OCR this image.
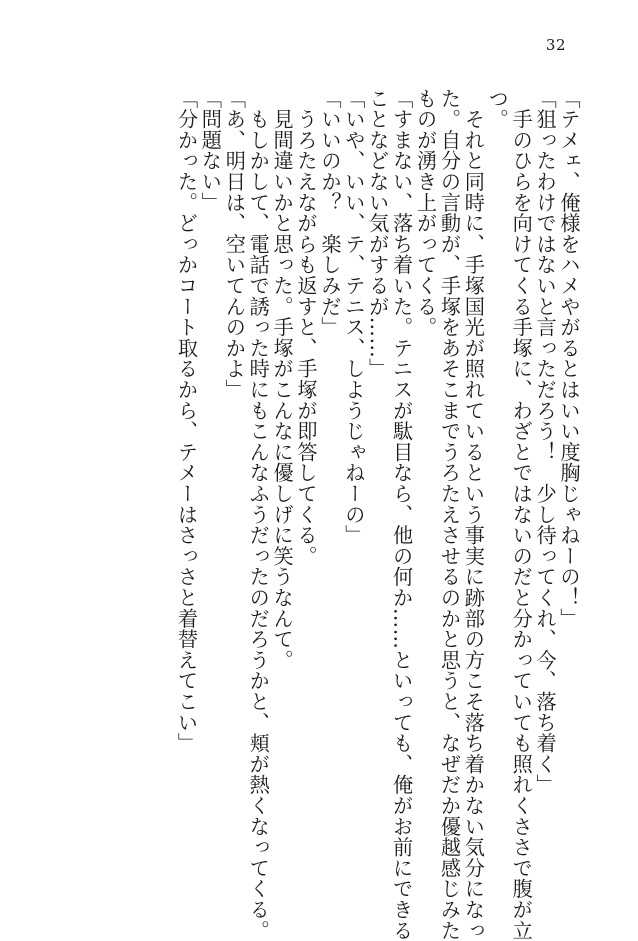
32

「テメェ、俺様をハメやがるとはいい度胸じゃねーの！」

「狙ったわけではないと言っただろう！　少し待ってくれ、今、落ち着く」

　手のひらを向けてくる手塚に、わざとではないのだと分かっていても照れくささで腹が立

つ。

　それと同時に、手塚国光が照れているという事実に跡部の方こそ落ち着かない気分になっ

た。自分の言動が、手塚をあそこまでうろたえさせるのかと思うと、なぜだか優越感じみた

ものが湧き上がってくる。

「すまない、落ち着いた。テニスが駄目なら、他の何か……といっても、俺がお前にできる

ことなどない気がするが……」

「いや、いい、テ、テニス、しようじゃねーの」

「いいのか？　楽しみだ」

　うろたえながらも返すと、手塚が即答してくる。

　見間違いかと思った。手塚がこんなに優しげに笑うなんて。

　もしかして、電話で誘った時にもこんなふうだったのだろうかと、頬が熱くなってくる。

「あ、明日は、空いてんのかよ」

「問題ない」

「分かった。どっかコート取るから、テメーはさっさと着替えてこい」
